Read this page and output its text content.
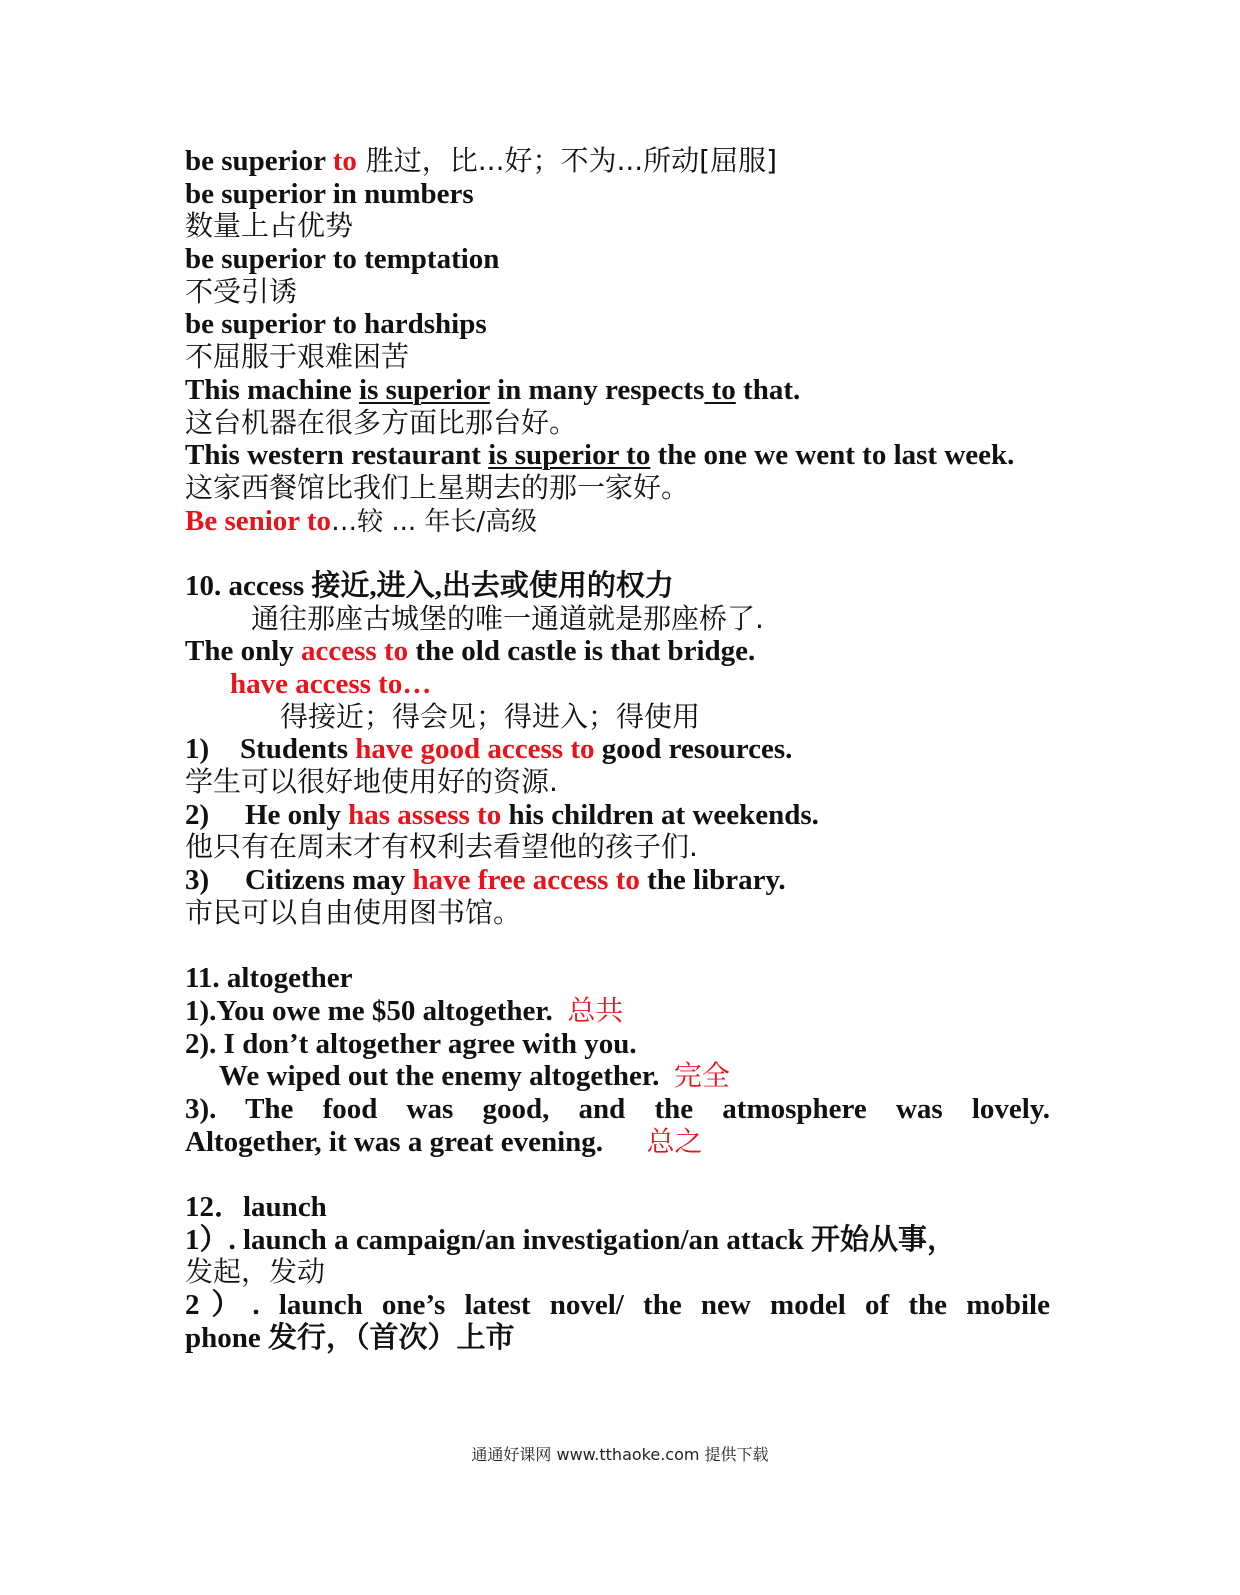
be superior to 胜过，比...好；不为...所动[屈服]
be superior in numbers
数量上占优势
be superior to temptation
不受引诱
be superior to hardships
不屈服于艰难困苦
This machine is superior in many respects to that.
这台机器在很多方面比那台好。
This western restaurant is superior to the one we went to last week.
这家西餐馆比我们上星期去的那一家好。
Be senior to…较 ... 年长/高级
10. access 接近,进入,出去或使用的权力
通往那座古城堡的唯一通道就是那座桥了.
The only access to the old castle is that bridge.
have access to…
得接近；得会见；得进入；得使用
1) Students have good access to good resources.
学生可以很好地使用好的资源.
2) He only has assess to his children at weekends.
他只有在周末才有权利去看望他的孩子们.
3) Citizens may have free access to the library.
市民可以自由使用图书馆。
11. altogether
1).You owe me $50 altogether. 总共
2). I don’t altogether agree with you.
We wiped out the enemy altogether. 完全
3). The food was good, and the atmosphere was lovely.
Altogether, it was a great evening. 总之
12．launch
1）. launch a campaign/an investigation/an attack 开始从事，
发起，发动
2）. launch one’s latest novel/ the new model of the mobile
phone 发行，（首次）上市
通通好课网 www.tthaoke.com 提供下载
